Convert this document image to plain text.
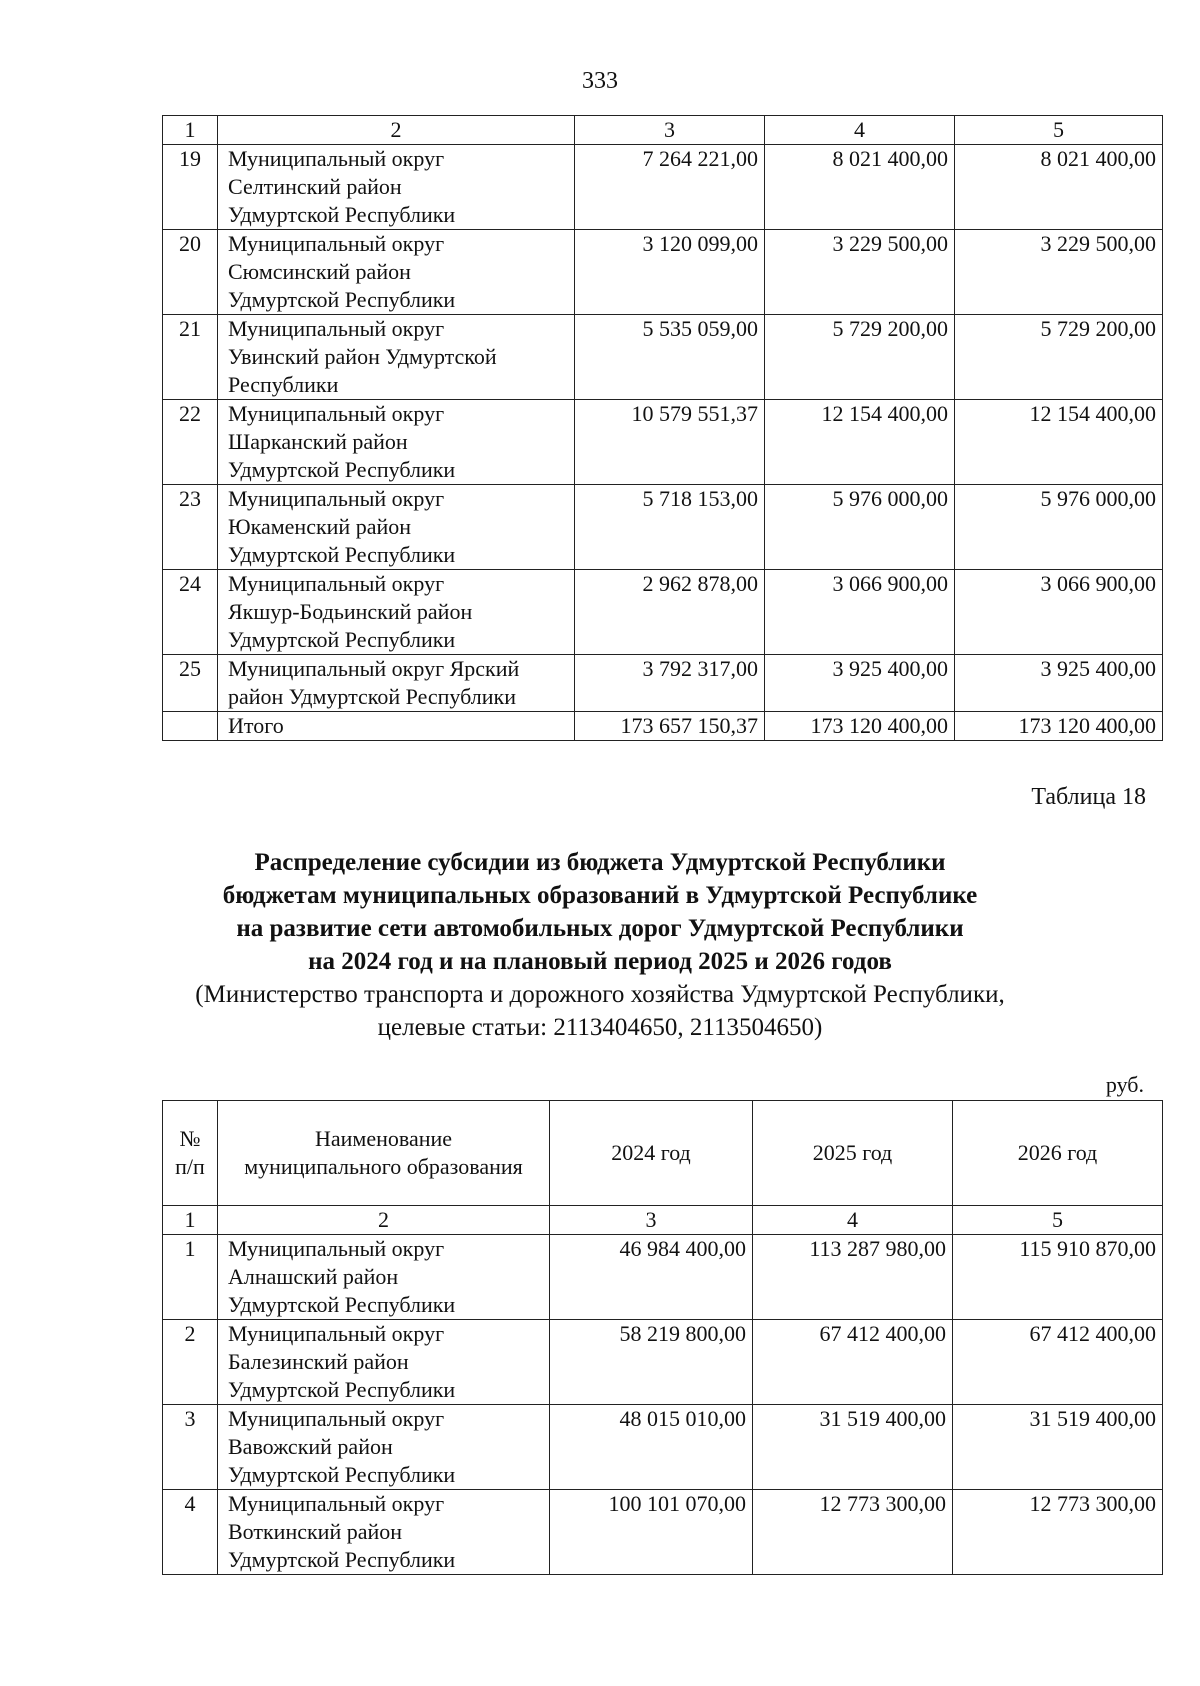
333
1	2	3	4	5
19	Муниципальный округ
Селтинский район
Удмуртской Республики	7 264 221,00	8 021 400,00	8 021 400,00
20	Муниципальный округ
Сюмсинский район
Удмуртской Республики	3 120 099,00	3 229 500,00	3 229 500,00
21	Муниципальный округ
Увинский район Удмуртской
Республики	5 535 059,00	5 729 200,00	5 729 200,00
22	Муниципальный округ
Шарканский район
Удмуртской Республики	10 579 551,37	12 154 400,00	12 154 400,00
23	Муниципальный округ
Юкаменский район
Удмуртской Республики	5 718 153,00	5 976 000,00	5 976 000,00
24	Муниципальный округ
Якшур-Бодьинский район
Удмуртской Республики	2 962 878,00	3 066 900,00	3 066 900,00
25	Муниципальный округ Ярский
район Удмуртской Республики	3 792 317,00	3 925 400,00	3 925 400,00
	Итого	173 657 150,37	173 120 400,00	173 120 400,00
Таблица 18
Распределение субсидии из бюджета Удмуртской Республики
бюджетам муниципальных образований в Удмуртской Республике
на развитие сети автомобильных дорог Удмуртской Республики
на 2024 год и на плановый период 2025 и 2026 годов
(Министерство транспорта и дорожного хозяйства Удмуртской Республики,
целевые статьи: 2113404650, 2113504650)
руб.
№
п/п	Наименование
муниципального образования	2024 год	2025 год	2026 год
1	2	3	4	5
1	Муниципальный округ
Алнашский район
Удмуртской Республики	46 984 400,00	113 287 980,00	115 910 870,00
2	Муниципальный округ
Балезинский район
Удмуртской Республики	58 219 800,00	67 412 400,00	67 412 400,00
3	Муниципальный округ
Вавожский район
Удмуртской Республики	48 015 010,00	31 519 400,00	31 519 400,00
4	Муниципальный округ
Воткинский район
Удмуртской Республики	100 101 070,00	12 773 300,00	12 773 300,00
